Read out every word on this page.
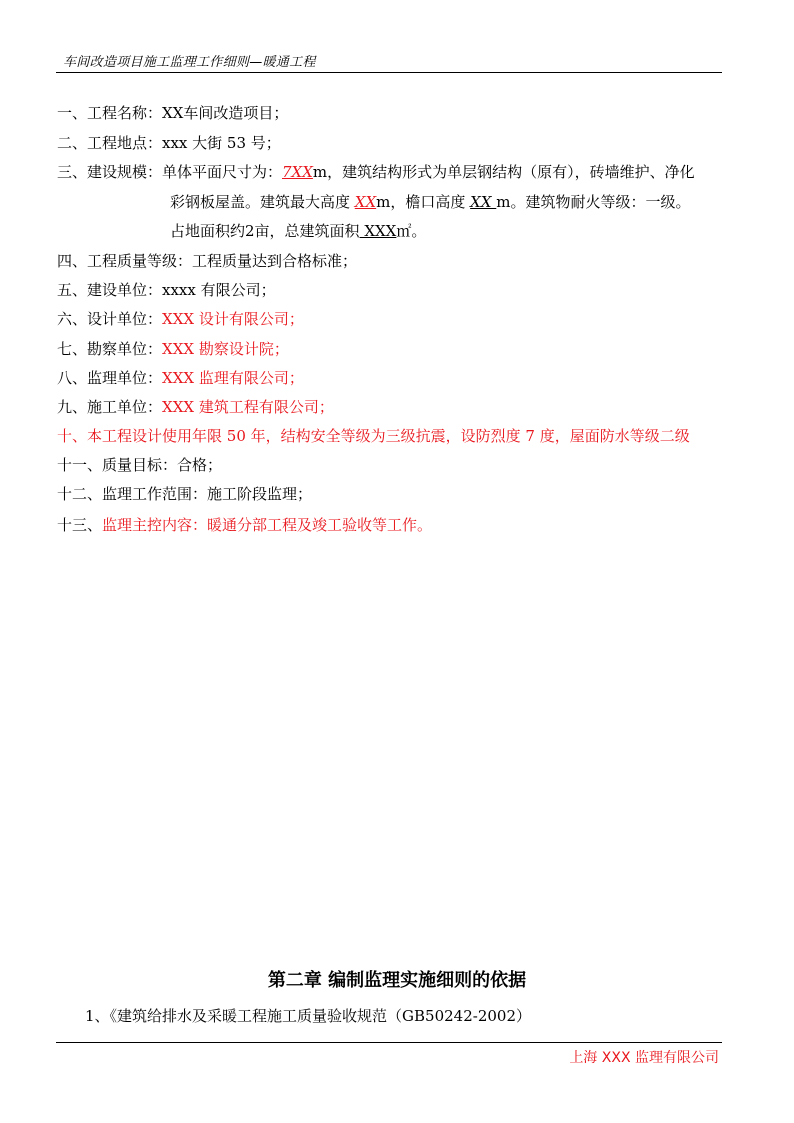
车间改造项目施工监理工作细则—暖通工程
一、工程名称：XX车间改造项目；
二、工程地点：xxx 大街 53 号；
三、建设规模：单体平面尺寸为：7XXm，建筑结构形式为单层钢结构（原有），砖墙维护、净化
彩钢板屋盖。建筑最大高度 XXm，檐口高度 XX m。建筑物耐火等级：一级。
占地面积约2亩，总建筑面积 XXX㎡。
四、工程质量等级：工程质量达到合格标准；
五、建设单位：xxxx 有限公司；
六、设计单位：XXX 设计有限公司；
七、勘察单位：XXX 勘察设计院；
八、监理单位：XXX 监理有限公司；
九、施工单位：XXX 建筑工程有限公司；
十、本工程设计使用年限 50 年，结构安全等级为三级抗震，设防烈度 7 度，屋面防水等级二级
十一、质量目标：合格；
十二、监理工作范围：施工阶段监理；
十三、监理主控内容：暖通分部工程及竣工验收等工作。
第二章 编制监理实施细则的依据
1、《建筑给排水及采暖工程施工质量验收规范（GB50242-2002）
上海 XXX 监理有限公司
